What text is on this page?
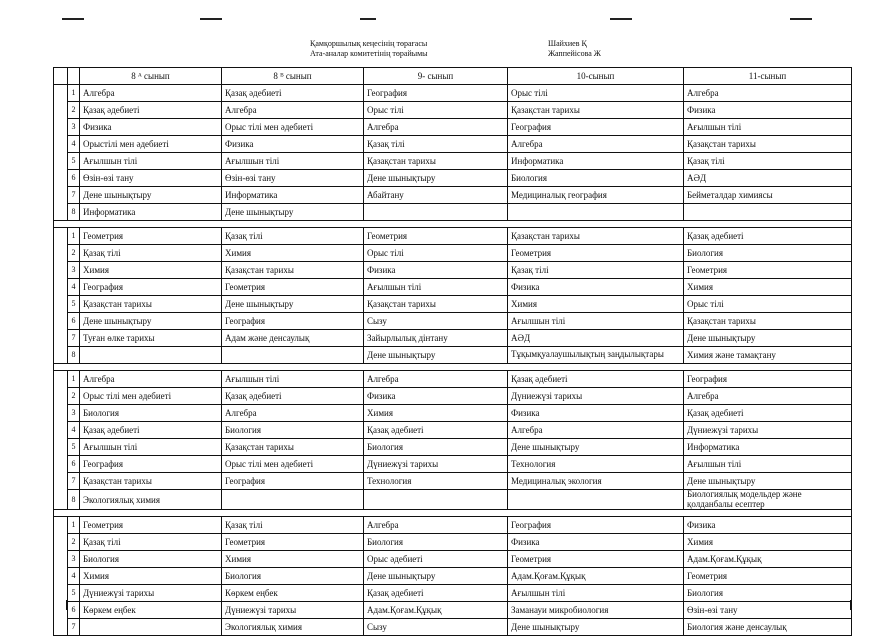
Қамқоршылық кеңесінің төрағасы
Ата-аналар комитетінің төрайымы
Шайхиев Қ
Жаппейісова Ж
		8 ᴬ сынып	8 ᴮ сынып	9- сынып	10-сынып	11-сынып
	1	Алгебра	Қазақ әдебиеті	География	Орыс тілі	Алгебра
	2	Қазақ әдебиеті	Алгебра	Орыс тілі	Қазақстан тарихы	Физика
	3	Физика	Орыс тілі мен әдебиеті	Алгебра	География	Ағылшын тілі
	4	Орыстілі мен әдебиеті	Физика	Қазақ тілі	Алгебра	Қазақстан тарихы
	5	Ағылшын тілі	Ағылшын тілі	Қазақстан тарихы	Информатика	Қазақ тілі
	6	Өзін-өзі тану	Өзін-өзі тану	Дене шынықтыру	Биология	АӘД
	7	Дене шынықтыру	Информатика	Абайтану	Медициналық география	Бейметалдар химиясы
	8	Информатика	Дене шынықтыру			

	1	Геометрия	Қазақ тілі	Геометрия	Қазақстан тарихы	Қазақ әдебиеті
	2	Қазақ тілі	Химия	Орыс тілі	Геометрия	Биология
	3	Химия	Қазақстан тарихы	Физика	Қазақ тілі	Геометрия
	4	География	Геометрия	Ағылшын тілі	Физика	Химия
	5	Қазақстан тарихы	Дене шынықтыру	Қазақстан тарихы	Химия	Орыс тілі
	6	Дене шынықтыру	География	Сызу	Ағылшын тілі	Қазақстан тарихы
	7	Туған өлке тарихы	Адам және денсаулық	Зайырлылық дінтану	АӘД	Дене шынықтыру
	8			Дене шынықтыру	Тұқымқуалаушылықтың заңдылықтары	Химия және тамақтану

	1	Алгебра	Ағылшын тілі	Алгебра	Қазақ әдебиеті	География
	2	Орыс тілі мен әдебиеті	Қазақ әдебиеті	Физика	Дүниежүзі тарихы	Алгебра
	3	Биология	Алгебра	Химия	Физика	Қазақ әдебиеті
	4	Қазақ әдебиеті	Биология	Қазақ әдебиеті	Алгебра	Дүниежүзі тарихы
	5	Ағылшын тілі	Қазақстан тарихы	Биология	Дене шынықтыру	Информатика
	6	География	Орыс тілі мен әдебиеті	Дүниежүзі тарихы	Технология	Ағылшын тілі
	7	Қазақстан тарихы	География	Технология	Медициналық экология	Дене шынықтыру
	8	Экологиялық химия				Биологиялық модельдер және қолданбалы есептер

	1	Геометрия	Қазақ тілі	Алгебра	География	Физика
	2	Қазақ тілі	Геометрия	Биология	Физика	Химия
	3	Биология	Химия	Орыс әдебиеті	Геометрия	Адам.Қоғам.Құқық
	4	Химия	Биология	Дене шынықтыру	Адам.Қоғам.Құқық	Геометрия
	5	Дүниежүзі тарихы	Көркем еңбек	Қазақ әдебиеті	Ағылшын тілі	Биология
	6	Көркем еңбек	Дүниежүзі тарихы	Адам.Қоғам.Құқық	Заманауи микробиология	Өзін-өзі тану
	7		Экологиялық химия	Сызу	Дене шынықтыру	Биология және денсаулық
